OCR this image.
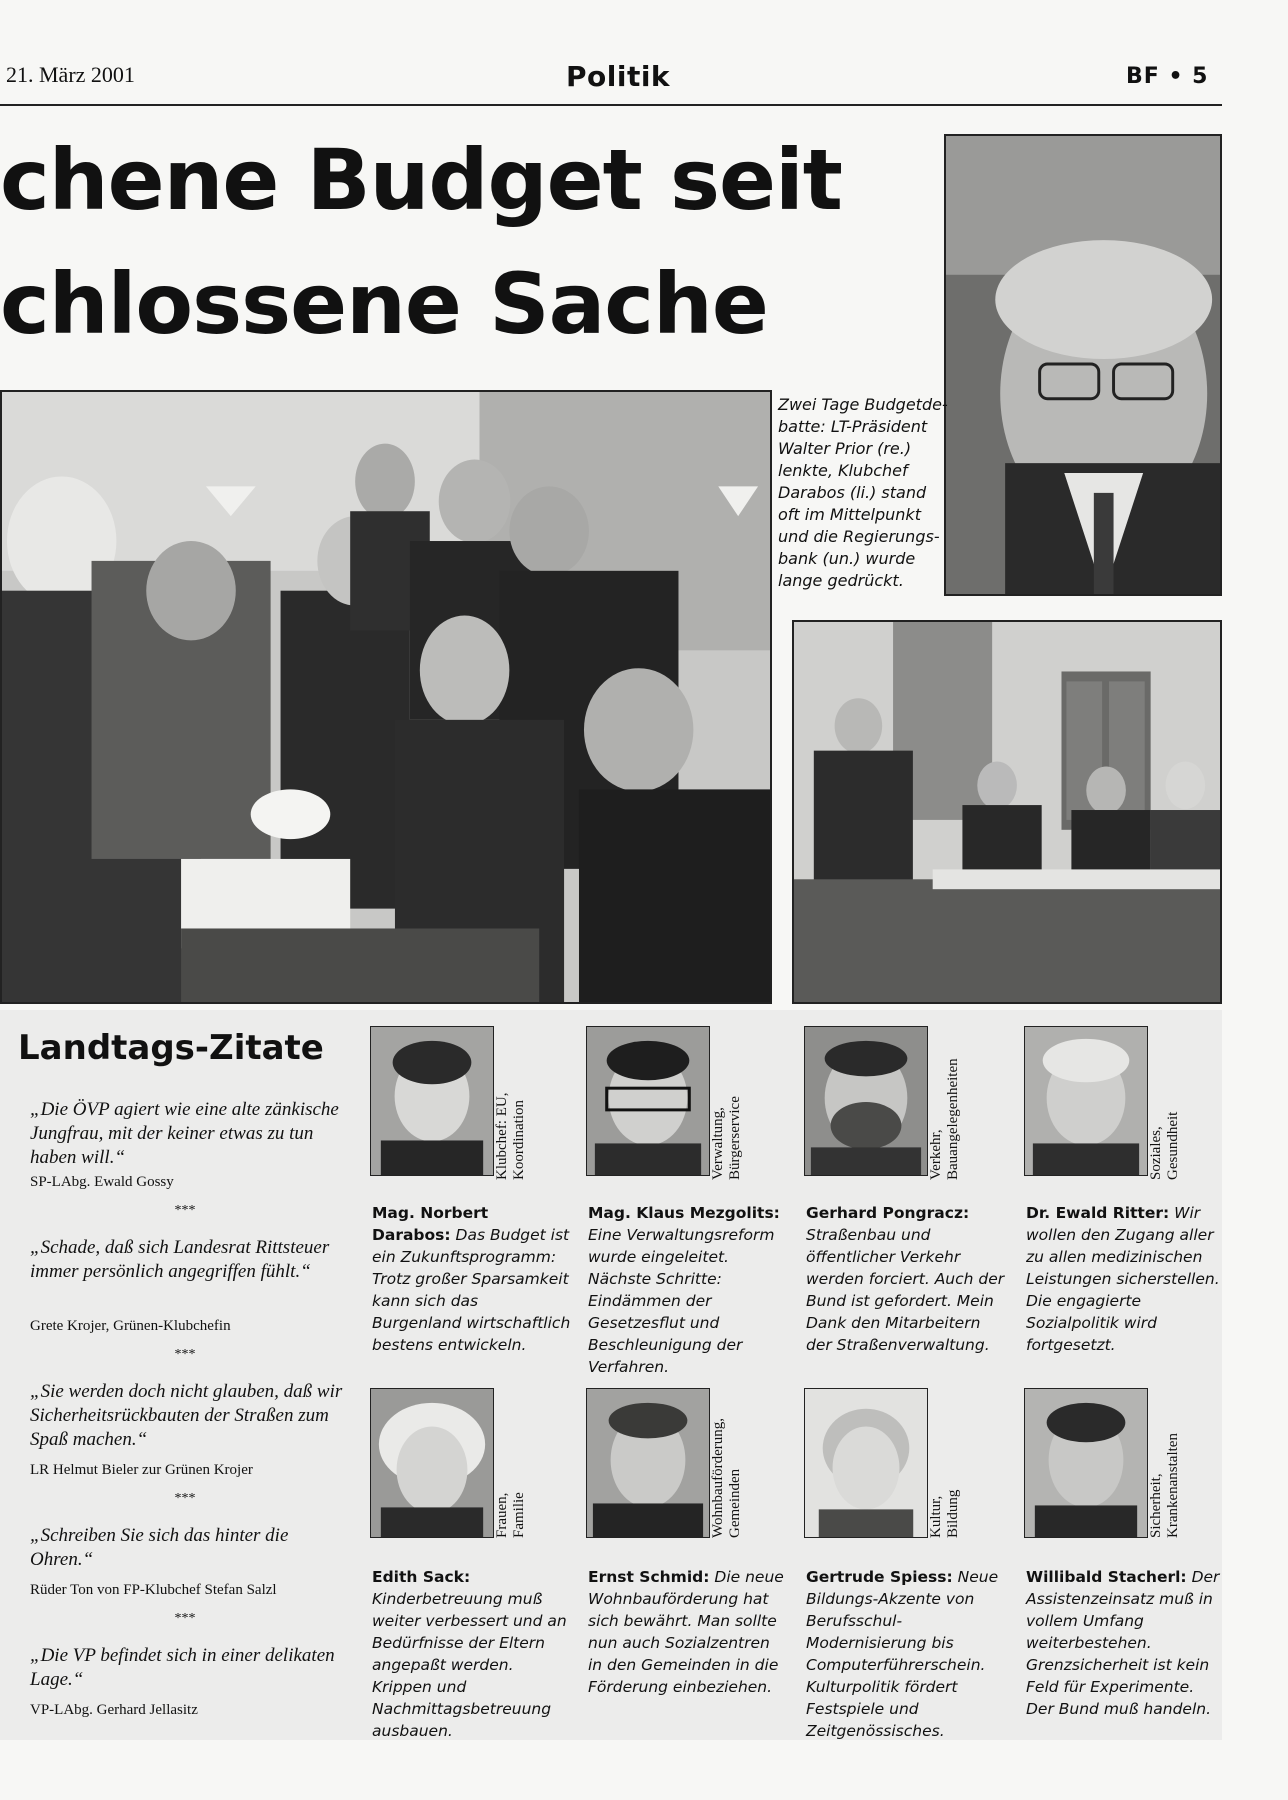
21. März 2001	Politik	BF • 5
chene Budget seit
chlossene Sache
Zwei Tage Budgetde-
batte: LT-Präsident
Walter Prior (re.)
lenkte, Klubchef
Darabos (li.) stand
oft im Mittelpunkt
und die Regierungs-
bank (un.) wurde
lange gedrückt.
Landtags-Zitate
„Die ÖVP agiert wie eine alte zänkische Jungfrau, mit der keiner etwas zu tun haben will.“
SP-LAbg. Ewald Gossy
***
„Schade, daß sich Landesrat Rittsteuer immer persönlich angegriffen fühlt.“
Grete Krojer, Grünen-Klubchefin
***
„Sie werden doch nicht glauben, daß wir Sicherheitsrückbauten der Straßen zum Spaß machen.“
LR Helmut Bieler zur Grünen Krojer
***
„Schreiben Sie sich das hinter die Ohren.“
Rüder Ton von FP-Klubchef Stefan Salzl
***
„Die VP befindet sich in einer delikaten Lage.“
VP-LAbg. Gerhard Jellasitz
Klubchef: EU,
Koordination
Mag. Norbert Darabos: Das Budget ist ein Zukunftsprogramm: Trotz großer Sparsamkeit kann sich das Burgenland wirtschaftlich bestens entwickeln.
Verwaltung,
Bürgerservice
Mag. Klaus Mezgolits: Eine Verwaltungsreform wurde eingeleitet. Nächste Schritte: Eindämmen der Gesetzesflut und Beschleunigung der Verfahren.
Verkehr,
Bauangelegenheiten
Gerhard Pongracz: Straßenbau und öffentlicher Verkehr werden forciert. Auch der Bund ist gefordert. Mein Dank den Mitarbeitern der Straßenverwaltung.
Soziales,
Gesundheit
Dr. Ewald Ritter: Wir wollen den Zugang aller zu allen medizinischen Leistungen sicherstellen. Die engagierte Sozialpolitik wird fortgesetzt.
Frauen,
Familie
Edith Sack: Kinderbetreuung muß weiter verbessert und an Bedürfnisse der Eltern angepaßt werden. Krippen und Nachmittagsbetreuung ausbauen.
Wohnbauförderung,
Gemeinden
Ernst Schmid: Die neue Wohnbauförderung hat sich bewährt. Man sollte nun auch Sozialzentren in den Gemeinden in die Förderung einbeziehen.
Kultur,
Bildung
Gertrude Spiess: Neue Bildungs-Akzente von Berufsschul-Modernisierung bis Computerführerschein. Kulturpolitik fördert Festspiele und Zeitgenössisches.
Sicherheit,
Krankenanstalten
Willibald Stacherl: Der Assistenzeinsatz muß in vollem Umfang weiterbestehen. Grenzsicherheit ist kein Feld für Experimente. Der Bund muß handeln.
